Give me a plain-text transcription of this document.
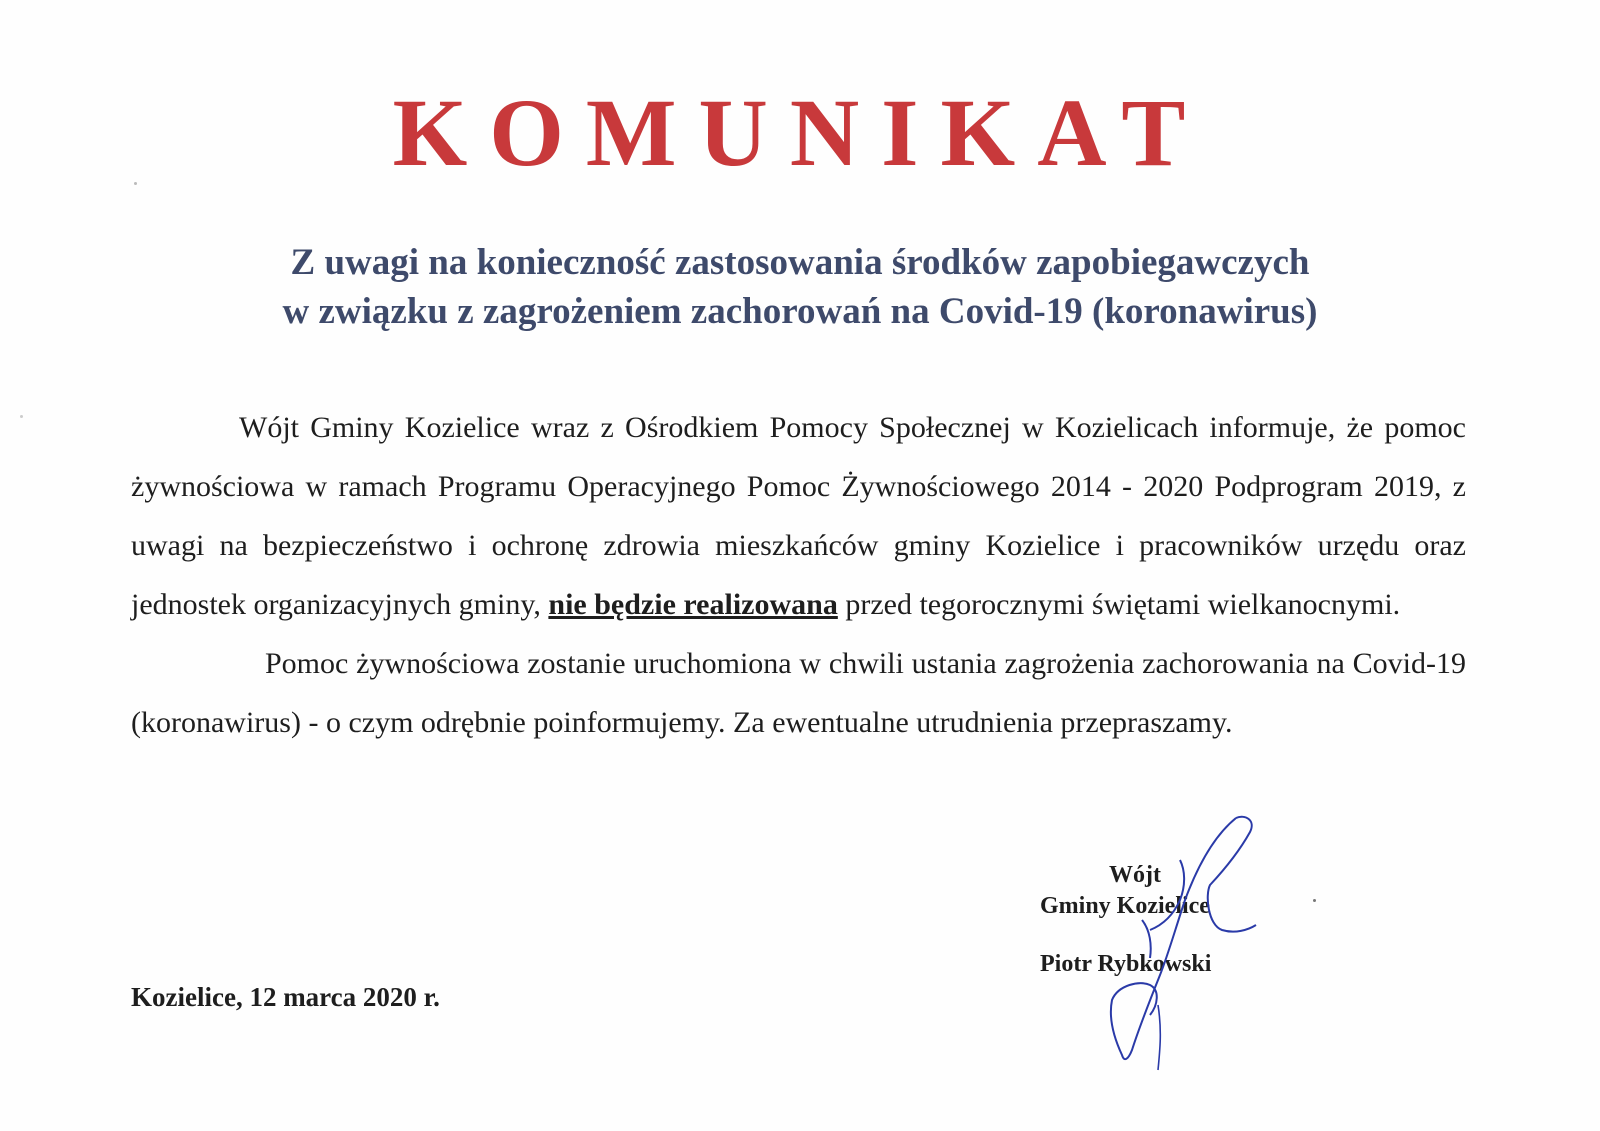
KOMUNIKAT
Z uwagi na konieczność zastosowania środków zapobiegawczych
w związku z zagrożeniem zachorowań na Covid-19 (koronawirus)

Wójt Gminy Kozielice wraz z Ośrodkiem Pomocy Społecznej w Kozielicach informuje, że pomoc żywnościowa w ramach Programu Operacyjnego Pomoc Żywnościowego 2014 - 2020 Podprogram 2019, z uwagi na bezpieczeństwo i ochronę zdrowia mieszkańców gminy Kozielice i pracowników urzędu oraz jednostek organizacyjnych gminy, nie będzie realizowana przed tegorocznymi świętami wielkanocnymi.

Pomoc żywnościowa zostanie uruchomiona w chwili ustania zagrożenia zachorowania na Covid-19 (koronawirus) - o czym odrębnie poinformujemy. Za ewentualne utrudnienia przepraszamy.

Wójt
Gminy Kozielice
Piotr Rybkowski
Kozielice, 12 marca 2020 r.
